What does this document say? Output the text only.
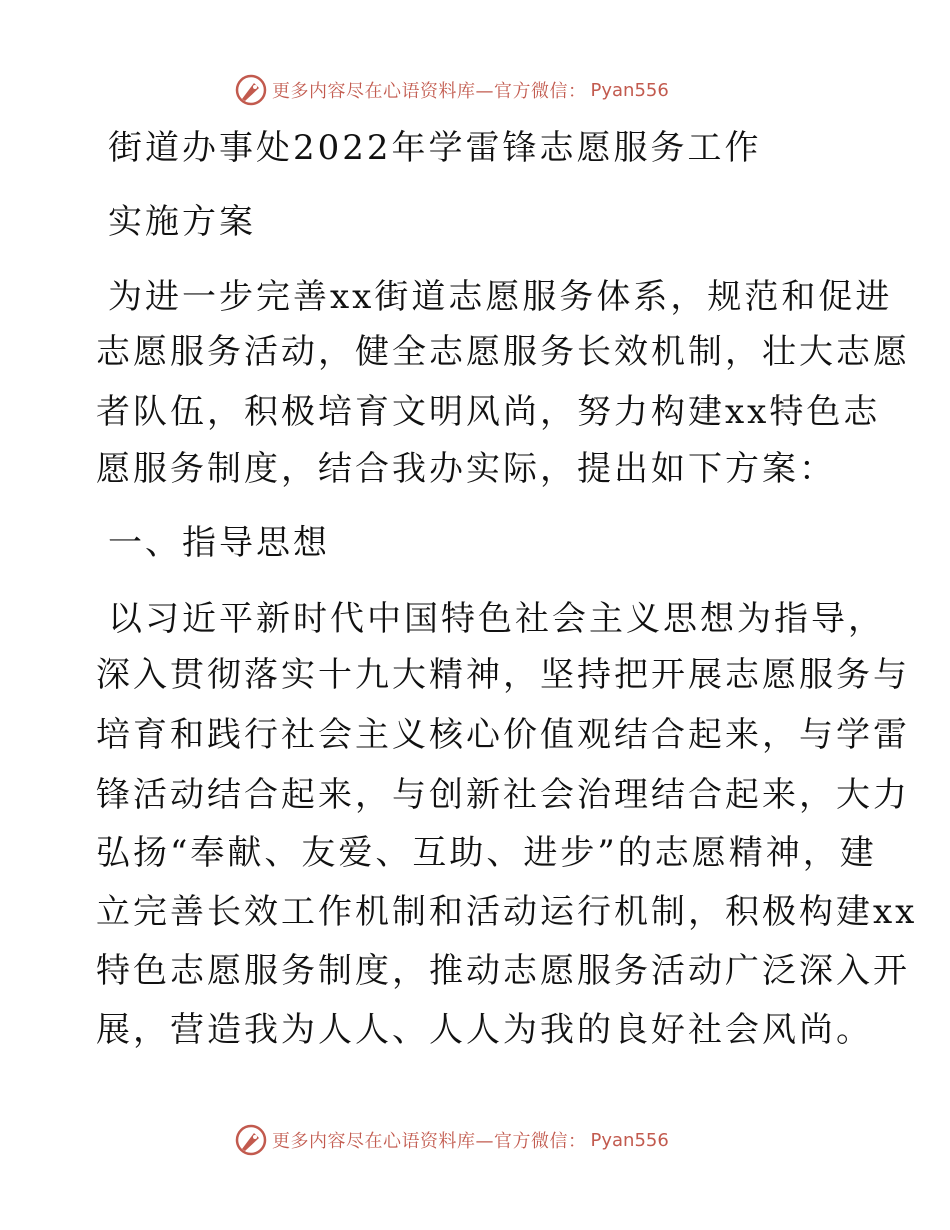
更多内容尽在心语资料库—官方微信： Pyan556
街道办事处2022年学雷锋志愿服务工作
实施方案
为进一步完善xx街道志愿服务体系，规范和促进
志愿服务活动，健全志愿服务长效机制，壮大志愿
者队伍，积极培育文明风尚，努力构建xx特色志
愿服务制度，结合我办实际，提出如下方案：
一、指导思想
以习近平新时代中国特色社会主义思想为指导，
深入贯彻落实十九大精神，坚持把开展志愿服务与
培育和践行社会主义核心价值观结合起来，与学雷
锋活动结合起来，与创新社会治理结合起来，大力
弘扬“奉献、友爱、互助、进步”的志愿精神，建
立完善长效工作机制和活动运行机制，积极构建xx
特色志愿服务制度，推动志愿服务活动广泛深入开
展，营造我为人人、人人为我的良好社会风尚。
更多内容尽在心语资料库—官方微信： Pyan556
